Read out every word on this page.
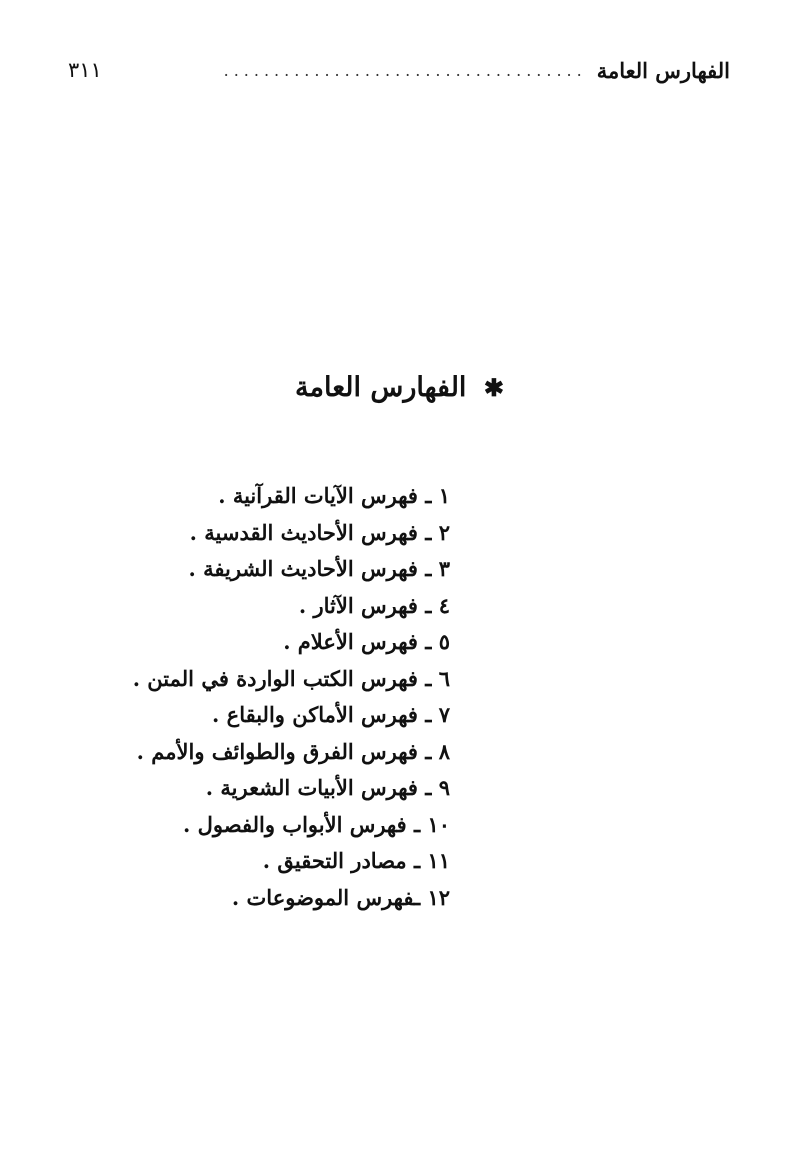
الفهارس العامة
....................................
٣١١
✱ الفهارس العامة
١ ـ فهرس الآيات القرآنية .
٢ ـ فهرس الأحاديث القدسية .
٣ ـ فهرس الأحاديث الشريفة .
٤ ـ فهرس الآثار .
٥ ـ فهرس الأعلام .
٦ ـ فهرس الكتب الواردة في المتن .
٧ ـ فهرس الأماكن والبقاع .
٨ ـ فهرس الفرق والطوائف والأمم .
٩ ـ فهرس الأبيات الشعرية .
١٠ ـ فهرس الأبواب والفصول .
١١ ـ مصادر التحقيق .
١٢ ـفهرس الموضوعات .
